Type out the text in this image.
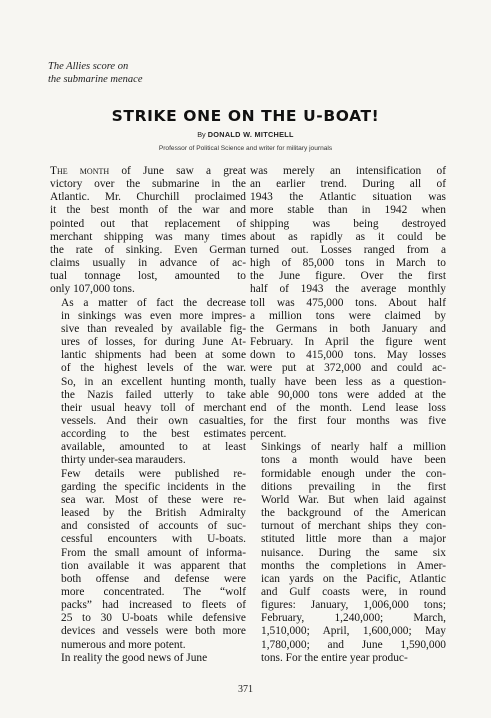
The Allies score on
the submarine menace
STRIKE ONE ON THE U-BOAT!
By DONALD W. MITCHELL
Professor of Political Science and writer for military journals

The month of June saw a great
victory over the submarine in the
Atlantic. Mr. Churchill proclaimed
it the best month of the war and
pointed out that replacement of
merchant shipping was many times
the rate of sinking. Even German
claims usually in advance of ac-
tual tonnage lost, amounted to
only 107,000 tons.

As a matter of fact the decrease
in sinkings was even more impres-
sive than revealed by available fig-
ures of losses, for during June At-
lantic shipments had been at some
of the highest levels of the war.
So, in an excellent hunting month,
the Nazis failed utterly to take
their usual heavy toll of merchant
vessels. And their own casualties,
according to the best estimates
available, amounted to at least
thirty under-sea marauders.

Few details were published re-
garding the specific incidents in the
sea war. Most of these were re-
leased by the British Admiralty
and consisted of accounts of suc-
cessful encounters with U-boats.
From the small amount of informa-
tion available it was apparent that
both offense and defense were
more concentrated. The “wolf
packs” had increased to fleets of
25 to 30 U-boats while defensive
devices and vessels were both more
numerous and more potent.

In reality the good news of June

was merely an intensification of
an earlier trend. During all of
1943 the Atlantic situation was
more stable than in 1942 when
shipping was being destroyed
about as rapidly as it could be
turned out. Losses ranged from a
high of 85,000 tons in March to
the June figure. Over the first
half of 1943 the average monthly
toll was 475,000 tons. About half
a million tons were claimed by
the Germans in both January and
February. In April the figure went
down to 415,000 tons. May losses
were put at 372,000 and could ac-
tually have been less as a question-
able 90,000 tons were added at the
end of the month. Lend lease loss
for the first four months was five
percent.

Sinkings of nearly half a million
tons a month would have been
formidable enough under the con-
ditions prevailing in the first
World War. But when laid against
the background of the American
turnout of merchant ships they con-
stituted little more than a major
nuisance. During the same six
months the completions in Amer-
ican yards on the Pacific, Atlantic
and Gulf coasts were, in round
figures: January, 1,006,000 tons;
February, 1,240,000; March,
1,510,000; April, 1,600,000; May
1,780,000; and June 1,590,000
tons. For the entire year produc-

371
